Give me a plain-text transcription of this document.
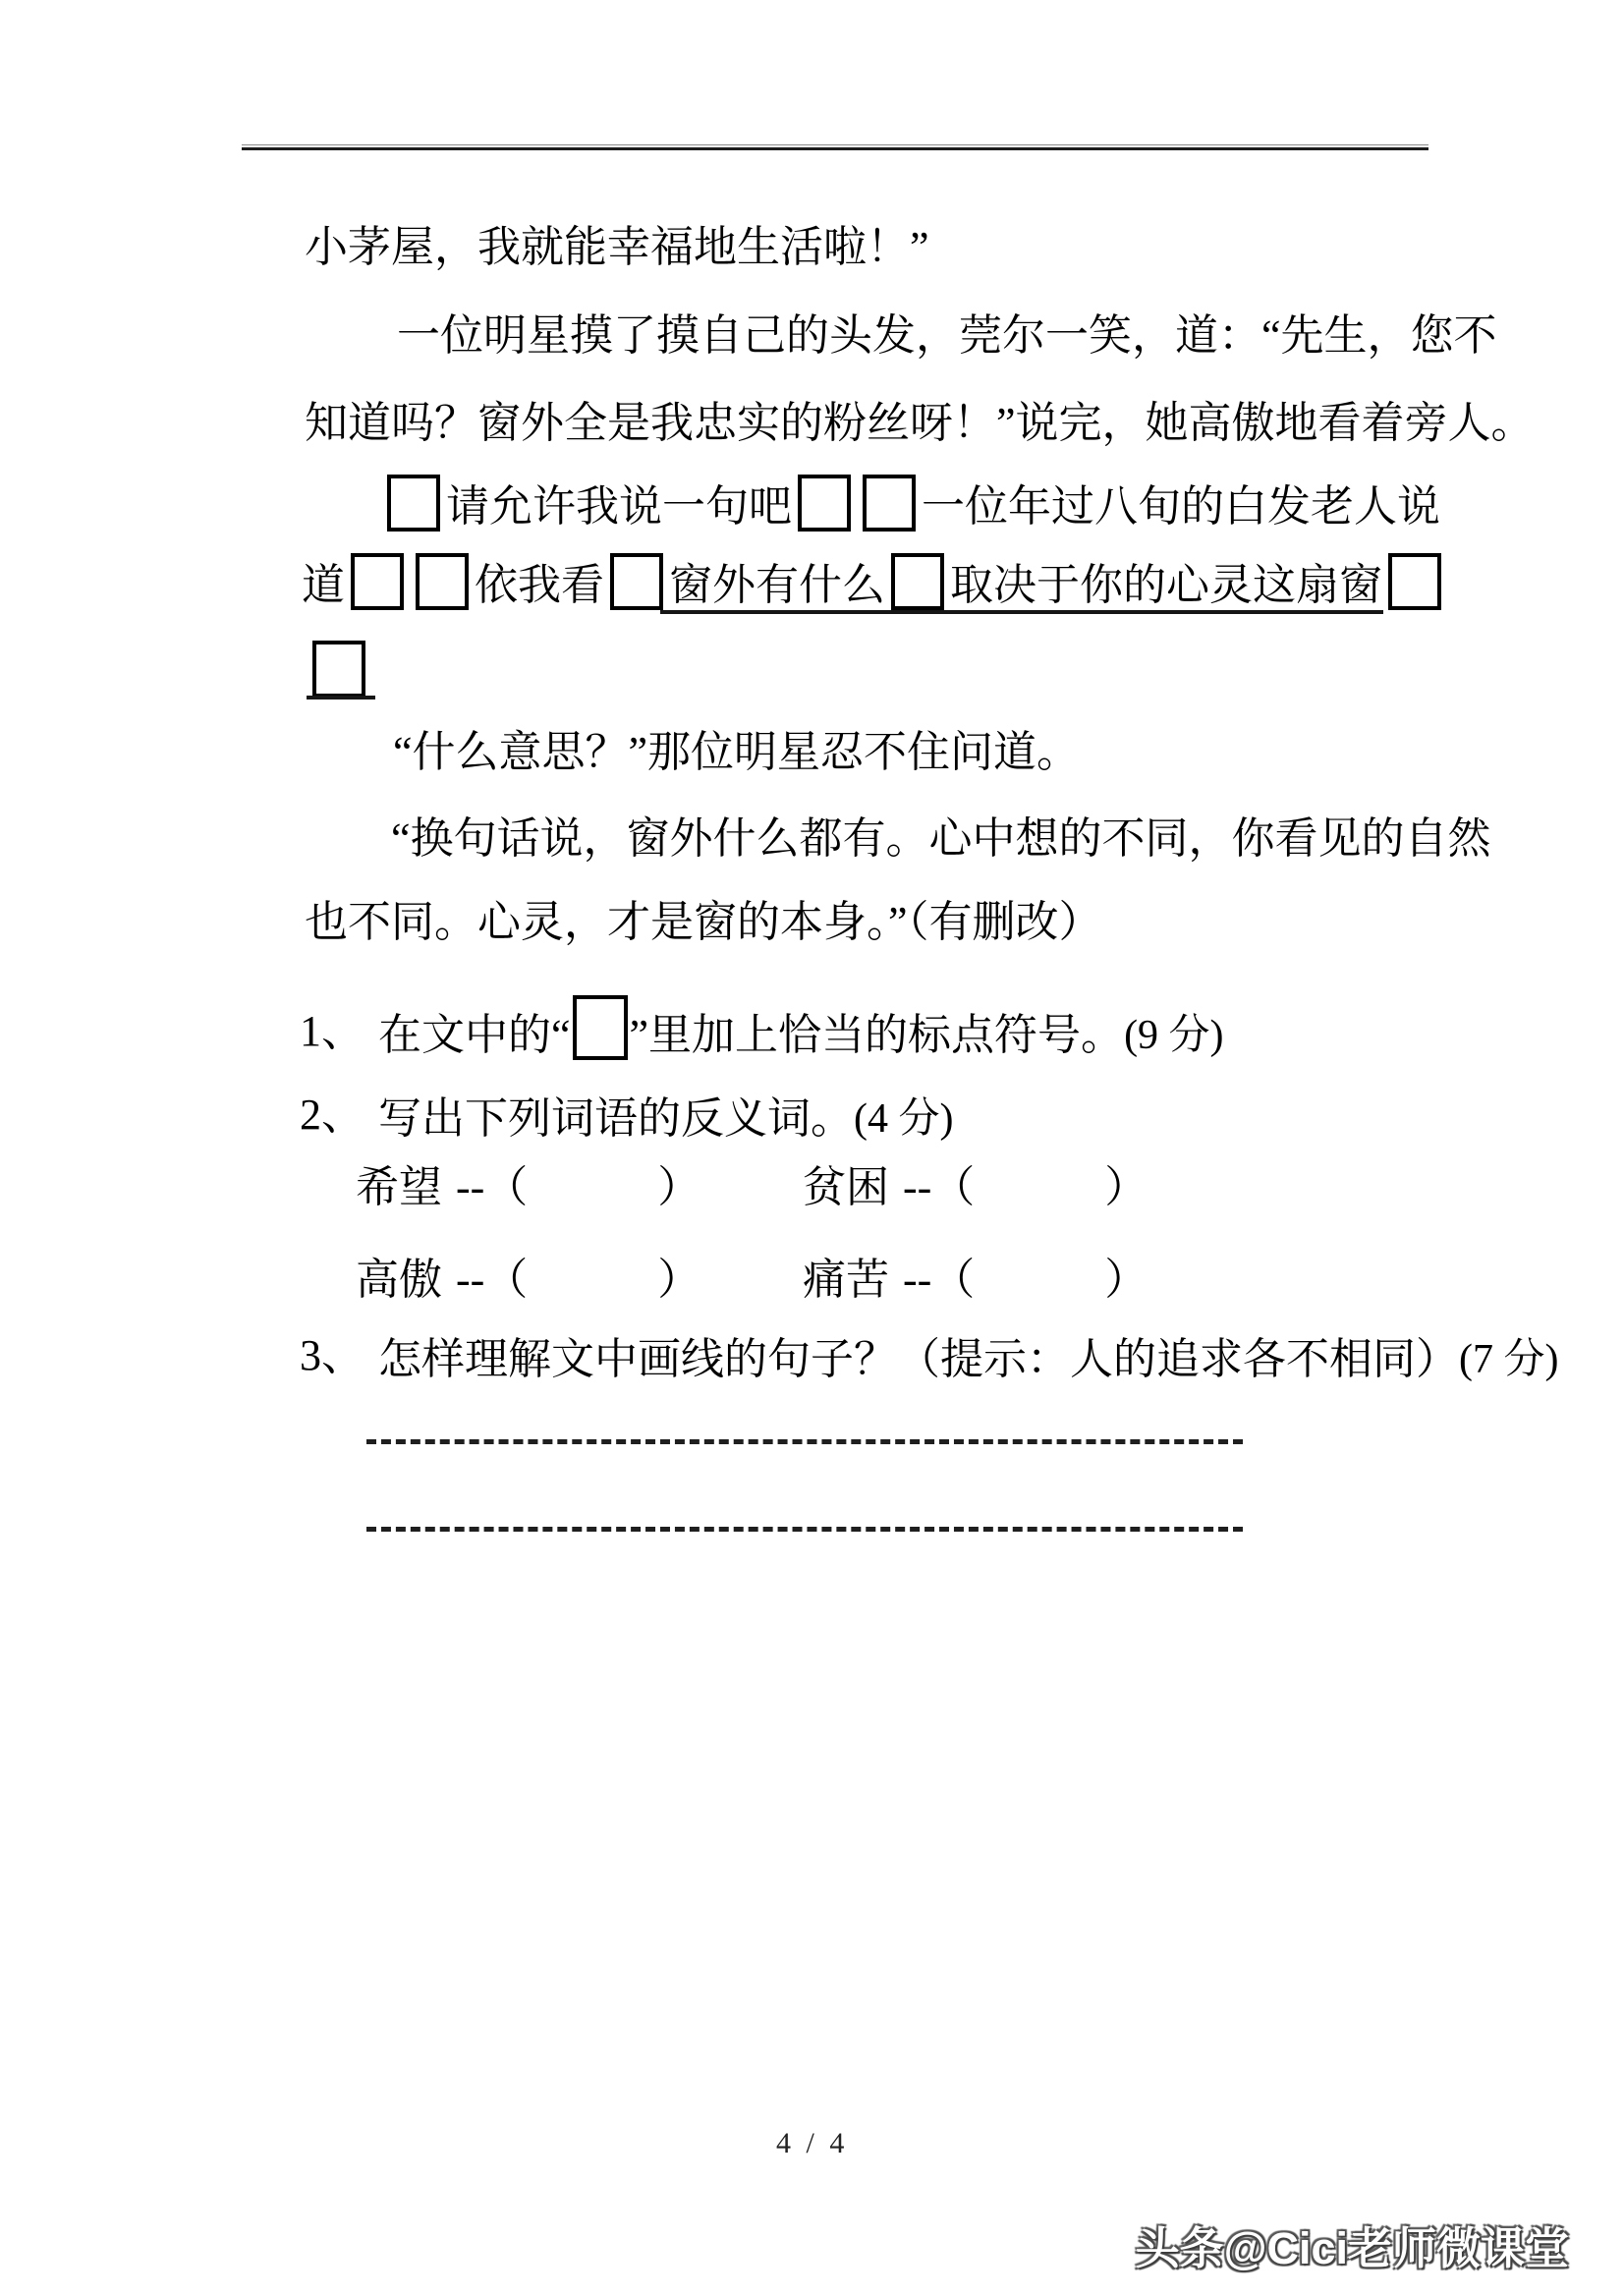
小茅屋，我就能幸福地生活啦！”
一位明星摸了摸自己的头发，莞尔一笑，道：“先生，您不
知道吗？窗外全是我忠实的粉丝呀！”说完，她高傲地看着旁人。
请允许我说一句吧	一位年过八旬的白发老人说
道	依我看 窗外有什么 取决于你的心灵这扇窗
“什么意思？”那位明星忍不住问道。
“换句话说，窗外什么都有。心中想的不同，你看见的自然
也不同。心灵，才是窗的本身。”（有删改）
1、 在文中的“ ”里加上恰当的标点符号。(9 分)
2、 写出下列词语的反义词。(4 分)
希望 --（　　　） 贫困 --（　　　）
高傲 --（　　　） 痛苦 --（　　　）
3、 怎样理解文中画线的句子？（提示：人的追求各不相同）(7 分)
4 / 4
头条@Cici老师微课堂
